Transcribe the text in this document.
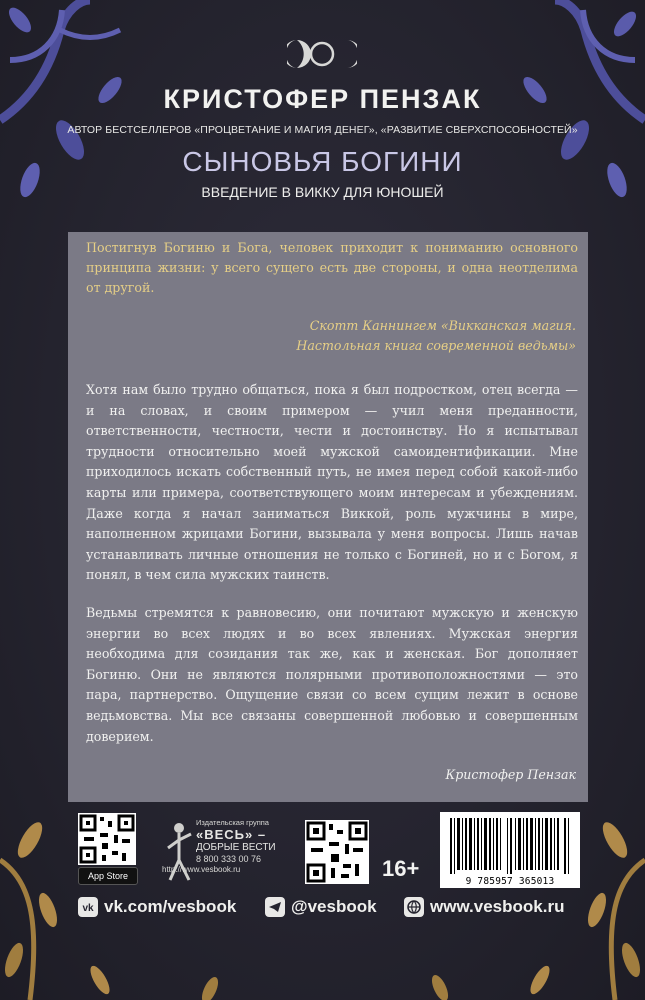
КРИСТОФЕР ПЕНЗАК
АВТОР БЕСТСЕЛЛЕРОВ «ПРОЦВЕТАНИЕ И МАГИЯ ДЕНЕГ», «РАЗВИТИЕ СВЕРХСПОСОБНОСТЕЙ»
СЫНОВЬЯ БОГИНИ
ВВЕДЕНИЕ В ВИККУ ДЛЯ ЮНОШЕЙ

Постигнув Богиню и Бога, человек приходит к пониманию основного принципа жизни: у всего сущего есть две стороны, и одна неотделима от другой.

Скотт Каннингем «Викканская магия.
Настольная книга современной ведьмы»

Хотя нам было трудно общаться, пока я был подростком, отец всегда — и на словах, и своим примером — учил меня преданности, ответственности, честности, чести и достоинству. Но я испытывал трудности относительно моей мужской самоидентификации. Мне приходилось искать собственный путь, не имея перед собой какой-либо карты или примера, соответствующего моим интересам и убеждениям. Даже когда я начал заниматься Виккой, роль мужчины в мире, наполненном жрицами Богини, вызывала у меня вопросы. Лишь начав устанавливать личные отношения не только с Богиней, но и с Богом, я понял, в чем сила мужских таинств.

Ведьмы стремятся к равновесию, они почитают мужскую и женскую энергии во всех людях и во всех явлениях. Мужская энергия необходима для созидания так же, как и женская. Бог дополняет Богиню. Они не являются полярными противоположностями — это пара, партнерство. Ощущение связи со всем сущим лежит в основе ведьмовства. Мы все связаны совершенной любовью и совершенным доверием.

Кристофер Пензак
App Store
Издательская группа
«ВЕСЬ» –
ДОБРЫЕ ВЕСТИ
8 800 333 00 76
http://www.vesbook.ru	16+
9 785957 365013
vk vk.com/vesbook	@vesbook	www.vesbook.ru
